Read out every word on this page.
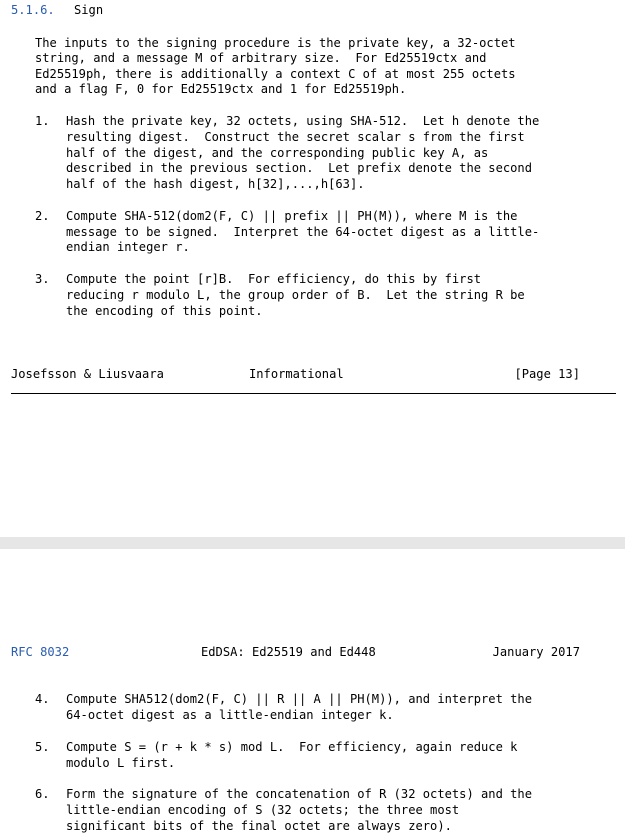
5.1.6. Sign
The inputs to the signing procedure is the private key, a 32-octet
string, and a message M of arbitrary size.  For Ed25519ctx and
Ed25519ph, there is additionally a context C of at most 255 octets
and a flag F, 0 for Ed25519ctx and 1 for Ed25519ph.
1. Hash the private key, 32 octets, using SHA-512.  Let h denote the
resulting digest.  Construct the secret scalar s from the first
half of the digest, and the corresponding public key A, as
described in the previous section.  Let prefix denote the second
half of the hash digest, h[32],...,h[63].
2. Compute SHA-512(dom2(F, C) || prefix || PH(M)), where M is the
message to be signed.  Interpret the 64-octet digest as a little-
endian integer r.
3. Compute the point [r]B.  For efficiency, do this by first
reducing r modulo L, the group order of B.  Let the string R be
the encoding of this point.

Josefsson & Liusvaara

	Informational

	[Page 13]

RFC 8032

	EdDSA: Ed25519 and Ed448

	January 2017

4. Compute SHA512(dom2(F, C) || R || A || PH(M)), and interpret the
64-octet digest as a little-endian integer k.
5. Compute S = (r + k * s) mod L.  For efficiency, again reduce k
modulo L first.
6. Form the signature of the concatenation of R (32 octets) and the
little-endian encoding of S (32 octets; the three most
significant bits of the final octet are always zero).
